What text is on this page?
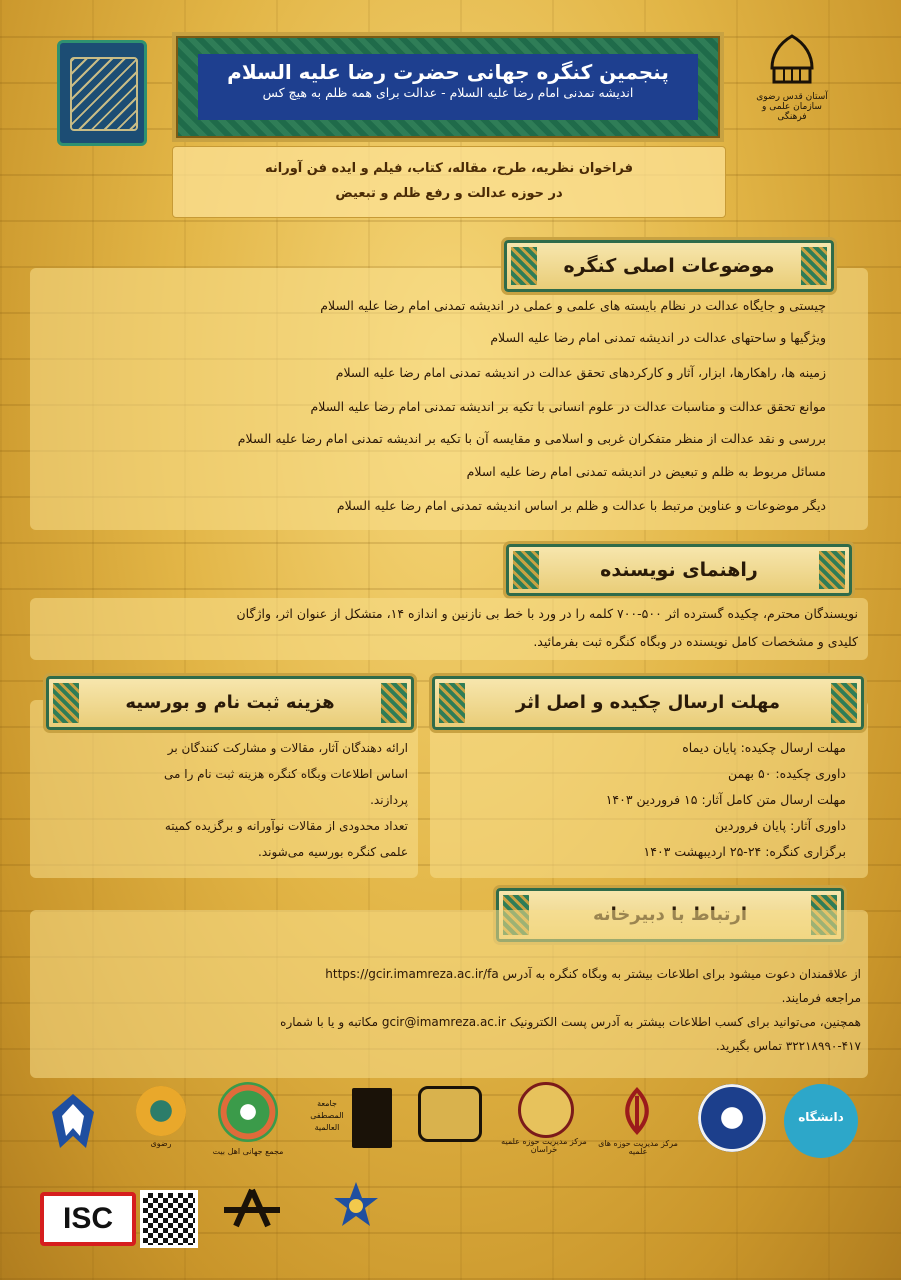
پنجمین کنگره جهانی حضرت رضا علیه السلام
اندیشه تمدنی امام رضا علیه السلام - عدالت برای همه ظلم به هیچ کس
فراخوان نظریه، طرح، مقاله، کتاب، فیلم و ایده فن آورانه
در حوزه عدالت و رفع ظلم و تبعیض
آستان قدس رضوی
سازمان علمی و فرهنگی
موضوعات اصلی کنگره
چیستی و جایگاه عدالت در نظام بایسته های علمی و عملی در اندیشه تمدنی امام رضا علیه السلام
ویژگیها و ساحتهای عدالت در اندیشه تمدنی امام رضا علیه السلام
زمینه ها، راهکارها، ابزار، آثار و کارکردهای تحقق عدالت در اندیشه تمدنی امام رضا علیه السلام
موانع تحقق عدالت و مناسبات عدالت در علوم انسانی با تکیه بر اندیشه تمدنی امام رضا علیه السلام
بررسی و نقد عدالت از منظر متفکران غربی و اسلامی و مقایسه آن با تکیه بر اندیشه تمدنی امام رضا علیه السلام
مسائل مربوط به ظلم و تبعیض در اندیشه تمدنی امام رضا علیه اسلام
دیگر موضوعات و عناوین مرتبط با عدالت و ظلم بر اساس اندیشه تمدنی امام رضا علیه السلام
راهنمای نویسنده
نویسندگان محترم، چکیده گسترده اثر ۵۰۰-۷۰۰ کلمه را در ورد با خط بی نازنین و اندازه ۱۴، متشکل از عنوان اثر، واژگان
کلیدی و مشخصات کامل نویسنده در وبگاه کنگره ثبت بفرمائید.
مهلت ارسال چکیده و اصل اثر
مهلت ارسال چکیده: پایان دیماه
داوری چکیده: ۵۰ بهمن
مهلت ارسال متن کامل آثار: ۱۵ فروردین ۱۴۰۳
داوری آثار: پایان فروردین
برگزاری کنگره: ۲۴-۲۵ اردیبهشت ۱۴۰۳
هزینه ثبت نام و بورسیه
ارائه دهندگان آثار، مقالات و مشارکت کنندگان بر
اساس اطلاعات وبگاه کنگره هزینه ثبت نام را می
پردازند.
تعداد محدودی از مقالات نوآورانه و برگزیده کمیته
علمی کنگره بورسیه می‌شوند.
از علاقمندان دعوت میشود برای اطلاعات بیشتر به وبگاه کنگره به آدرس https://gcir.imamreza.ac.ir/fa
مراجعه فرمایند.
همچنین، می‌توانید برای کسب اطلاعات بیشتر به آدرس پست الکترونیک gcir@imamreza.ac.ir مکاتبه و یا با شماره
۳۲۲۱۸۹۹۰-۴۱۷ تماس بگیرید.
رضوی
مجمع جهانی اهل بیت
جامعة المصطفی العالمیة
مرکز مدیریت حوزه علمیه خراسان
مرکز مدیریت حوزه های علمیه
دانشگاه
ISC
